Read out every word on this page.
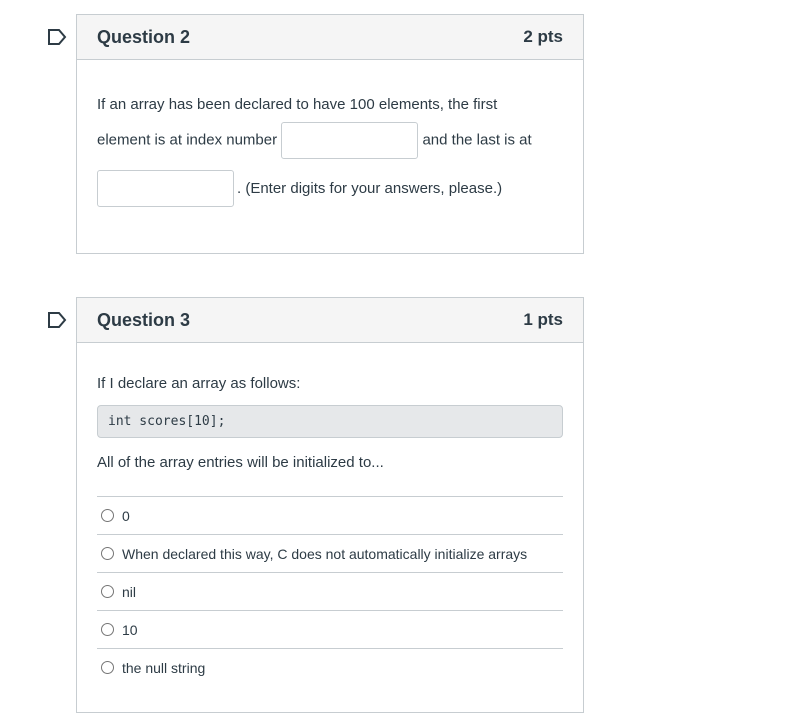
Question 2	2 pts
If an array has been declared to have 100 elements, the first
element is at index number	and the last is at
. (Enter digits for your answers, please.)
Question 3	1 pts
If I declare an array as follows:
int scores[10];
All of the array entries will be initialized to...
0
When declared this way, C does not automatically initialize arrays
nil
10
the null string
